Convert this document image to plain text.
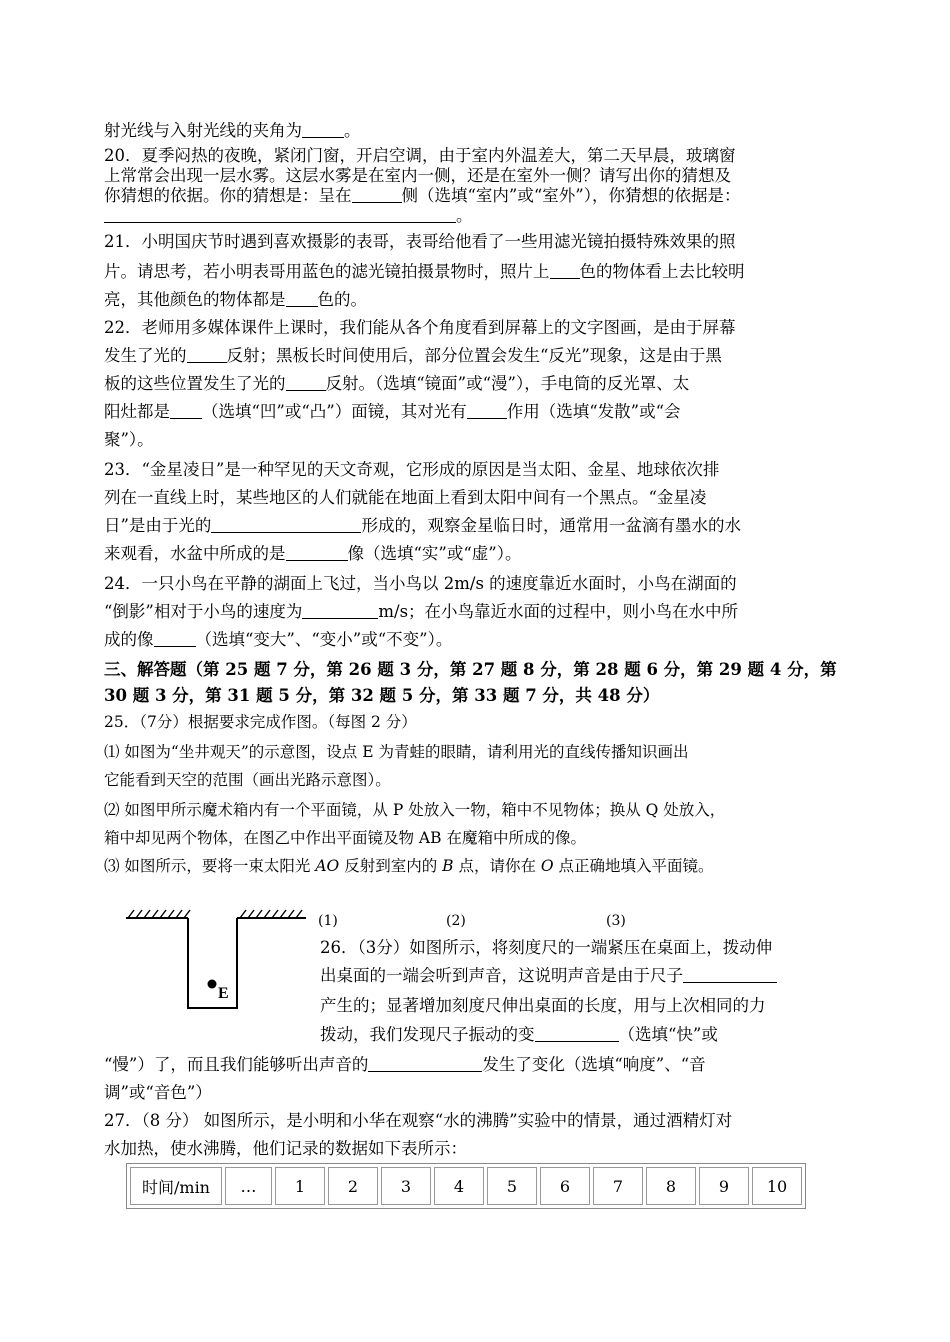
射光线与入射光线的夹角为	。
20．夏季闷热的夜晚，紧闭门窗，开启空调，由于室内外温差大，第二天早晨，玻璃窗
上常常会出现一层水雾。这层水雾是在室内一侧，还是在室外一侧？请写出你的猜想及
你猜想的依据。你的猜想是：呈在	侧（选填“室内”或“室外”），你猜想的依据是：
。
21．小明国庆节时遇到喜欢摄影的表哥，表哥给他看了一些用滤光镜拍摄特殊效果的照
片。请思考，若小明表哥用蓝色的滤光镜拍摄景物时，照片上 色的物体看上去比较明
亮，其他颜色的物体都是 色的。
22．老师用多媒体课件上课时，我们能从各个角度看到屏幕上的文字图画，是由于屏幕
发生了光的 反射；黑板长时间使用后，部分位置会发生“反光”现象，这是由于黑
板的这些位置发生了光的 反射。（选填“镜面”或“漫”），手电筒的反光罩、太
阳灶都是 （选填“凹”或“凸”）面镜，其对光有 作用（选填“发散”或“会
聚”）。
23．“金星凌日”是一种罕见的天文奇观，它形成的原因是当太阳、金星、地球依次排
列在一直线上时，某些地区的人们就能在地面上看到太阳中间有一个黑点。“金星凌
日”是由于光的	形成的，观察金星临日时，通常用一盆滴有墨水的水
来观看，水盆中所成的是	像（选填“实”或“虚”）。
24．一只小鸟在平静的湖面上飞过，当小鸟以 2m/s 的速度靠近水面时，小鸟在湖面的
“倒影”相对于小鸟的速度为	m/s；在小鸟靠近水面的过程中，则小鸟在水中所
成的像	（选填“变大”、“变小”或“不变”）。
三、解答题（第 25 题 7 分，第 26 题 3 分，第 27 题 8 分，第 28 题 6 分，第 29 题 4 分，第
30 题 3 分，第 31 题 5 分，第 32 题 5 分，第 33 题 7 分，共 48 分）
25．（7分）根据要求完成作图。（每图 2 分）
⑴ 如图为“坐井观天”的示意图，设点 E 为青蛙的眼睛，请利用光的直线传播知识画出
它能看到天空的范围（画出光路示意图）。
⑵ 如图甲所示魔术箱内有一个平面镜，从 P 处放入一物，箱中不见物体；换从 Q 处放入，
箱中却见两个物体，在图乙中作出平面镜及物 AB 在魔箱中所成的像。
⑶ 如图所示，要将一束太阳光 AO 反射到室内的 B 点，请你在 O 点正确地填入平面镜。
E
(1)	(2)	(3)
26．（3分）如图所示，将刻度尺的一端紧压在桌面上，拨动伸
出桌面的一端会听到声音，这说明声音是由于尺子
产生的；显著增加刻度尺伸出桌面的长度，用与上次相同的力
拨动，我们发现尺子振动的变	（选填“快”或
“慢”）了，而且我们能够听出声音的	发生了变化（选填“响度”、“音
调”或“音色”）
27．（8 分） 如图所示，是小明和小华在观察“水的沸腾”实验中的情景，通过酒精灯对
水加热，使水沸腾，他们记录的数据如下表所示：
时间/min	…	1	2	3	4	5	6	7	8	9	10
